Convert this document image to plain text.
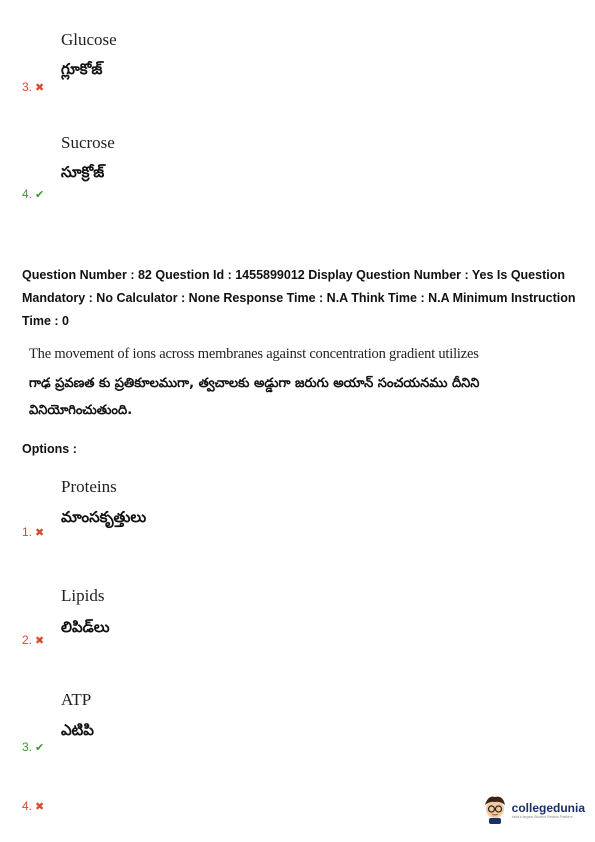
Glucose
గ్లూకోజ్
3. ✖
Sucrose
సూక్రోజ్
4. ✔
Question Number : 82 Question Id : 1455899012 Display Question Number : Yes Is Question Mandatory : No Calculator : None Response Time : N.A Think Time : N.A Minimum Instruction Time : 0
The movement of ions across membranes against concentration gradient utilizes
గాఢ ప్రవణత కు ప్రతికూలముగా, త్వచాలకు అడ్డుగా జరుగు అయాన్ సంచయనము దీనిని వినియోగించుతుంది.
Options :
Proteins
మాంసకృత్తులు
1. ✖
Lipids
లిపిడ్‌లు
2. ✖
ATP
ఎటిపి
3. ✔
4. ✖	collegedunia
India's largest Student Review Platform
